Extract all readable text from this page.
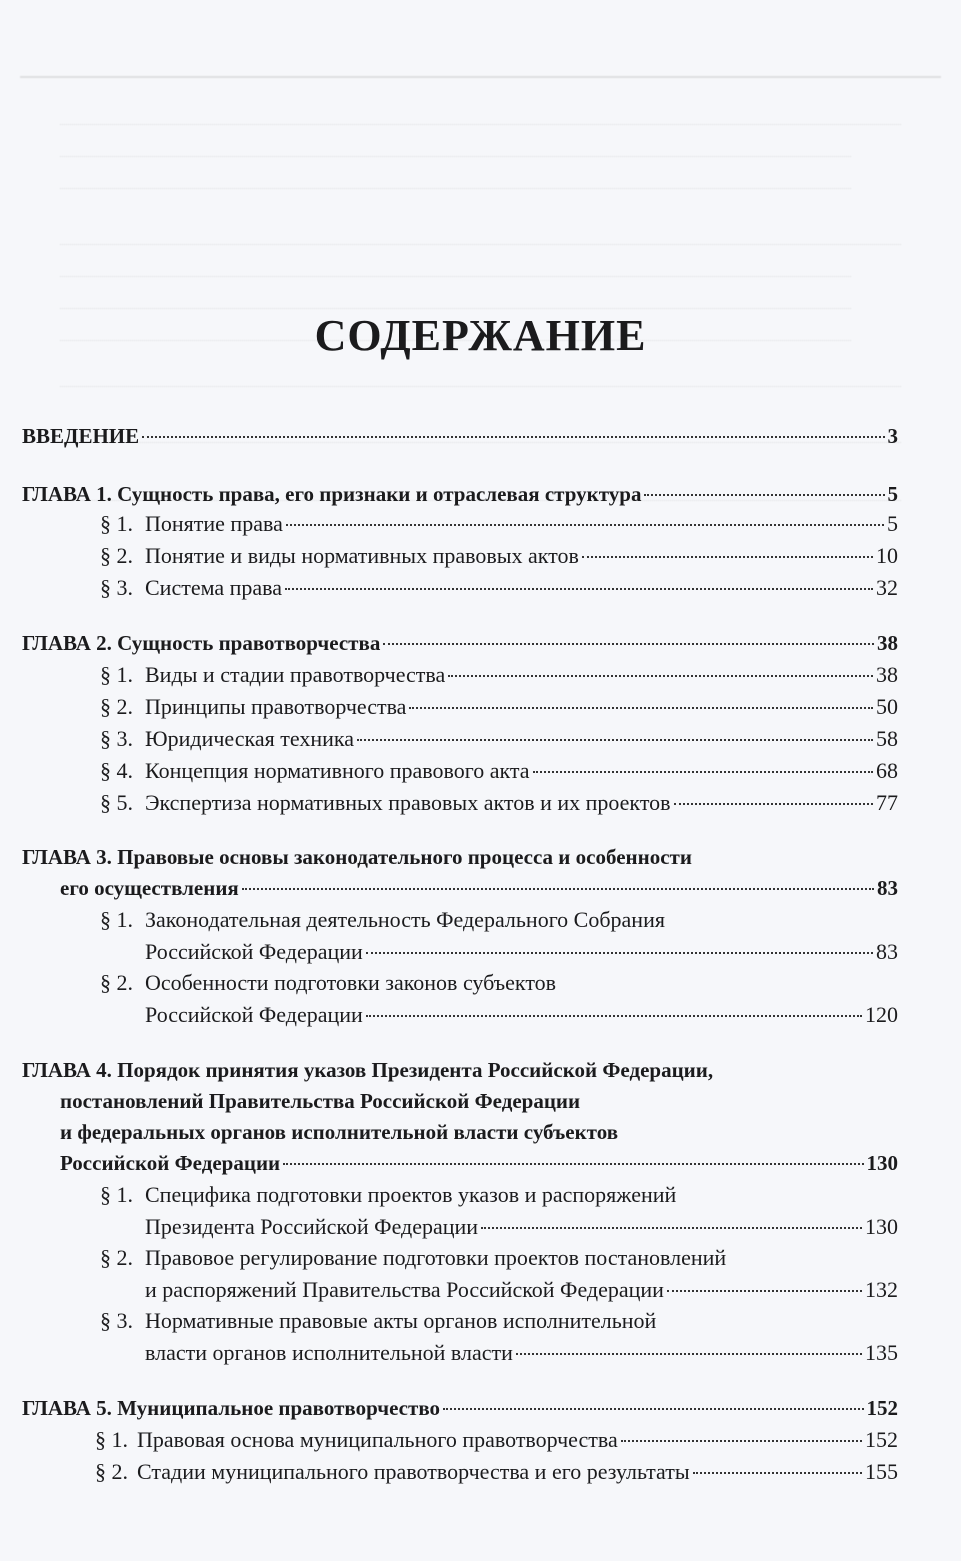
СОДЕРЖАНИЕ
ВВЕДЕНИЕ	3
ГЛАВА 1. Сущность права, его признаки и отраслевая структура	5
§ 1. Понятие права	5
§ 2. Понятие и виды нормативных правовых актов	10
§ 3. Система права	32
ГЛАВА 2. Сущность правотворчества	38
§ 1. Виды и стадии правотворчества	38
§ 2. Принципы правотворчества	50
§ 3. Юридическая техника	58
§ 4. Концепция нормативного правового акта	68
§ 5. Экспертиза нормативных правовых актов и их проектов	77
ГЛАВА 3. Правовые основы законодательного процесса и особенности
его осуществления	83
§ 1. Законодательная деятельность Федерального Собрания
Российской Федерации	83
§ 2. Особенности подготовки законов субъектов
Российской Федерации	120
ГЛАВА 4. Порядок принятия указов Президента Российской Федерации,
постановлений Правительства Российской Федерации
и федеральных органов исполнительной власти субъектов
Российской Федерации	130
§ 1. Специфика подготовки проектов указов и распоряжений
Президента Российской Федерации	130
§ 2. Правовое регулирование подготовки проектов постановлений
и распоряжений Правительства Российской Федерации	132
§ 3. Нормативные правовые акты органов исполнительной
власти органов исполнительной власти	135
ГЛАВА 5. Муниципальное правотворчество	152
§ 1. Правовая основа муниципального правотворчества	152
§ 2. Стадии муниципального правотворчества и его результаты	155
